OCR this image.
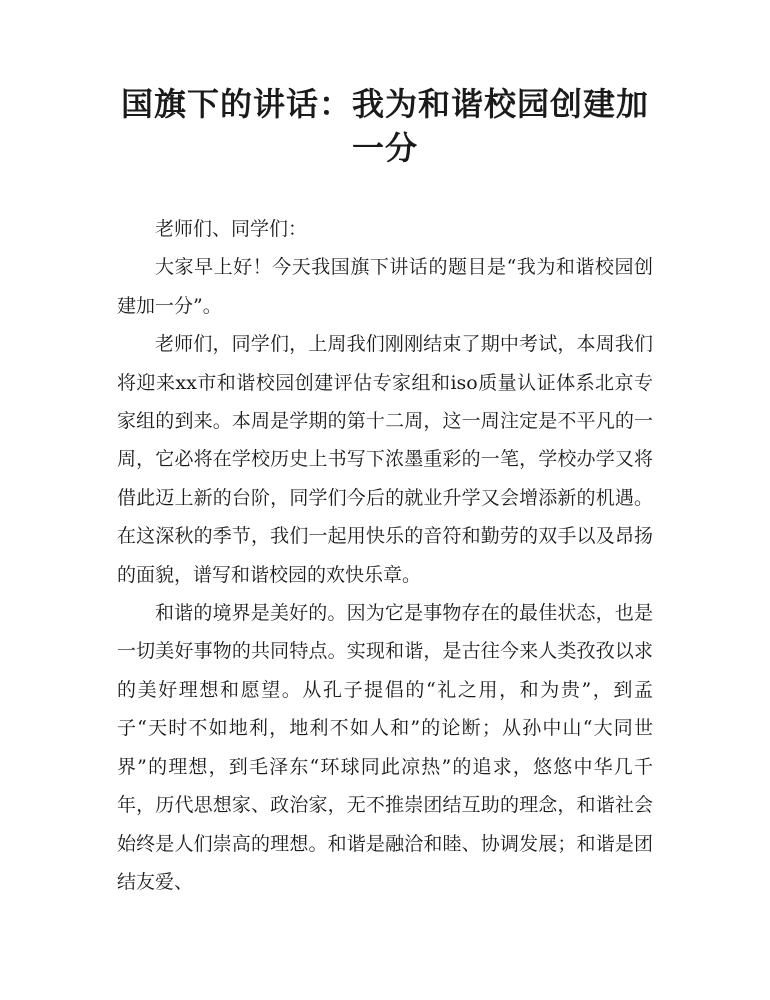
国旗下的讲话：我为和谐校园创建加一分

老师们、同学们：

大家早上好！今天我国旗下讲话的题目是“我为和谐校园创建加一分”。

老师们，同学们，上周我们刚刚结束了期中考试，本周我们将迎来xx市和谐校园创建评估专家组和iso质量认证体系北京专家组的到来。本周是学期的第十二周，这一周注定是不平凡的一周，它必将在学校历史上书写下浓墨重彩的一笔，学校办学又将借此迈上新的台阶，同学们今后的就业升学又会增添新的机遇。在这深秋的季节，我们一起用快乐的音符和勤劳的双手以及昂扬的面貌，谱写和谐校园的欢快乐章。

和谐的境界是美好的。因为它是事物存在的最佳状态，也是一切美好事物的共同特点。实现和谐，是古往今来人类孜孜以求的美好理想和愿望。从孔子提倡的“礼之用，和为贵”，到孟子“天时不如地利，地利不如人和”的论断；从孙中山“大同世界”的理想，到毛泽东“环球同此凉热”的追求，悠悠中华几千年，历代思想家、政治家，无不推崇团结互助的理念，和谐社会始终是人们崇高的理想。和谐是融洽和睦、协调发展；和谐是团结友爱、
